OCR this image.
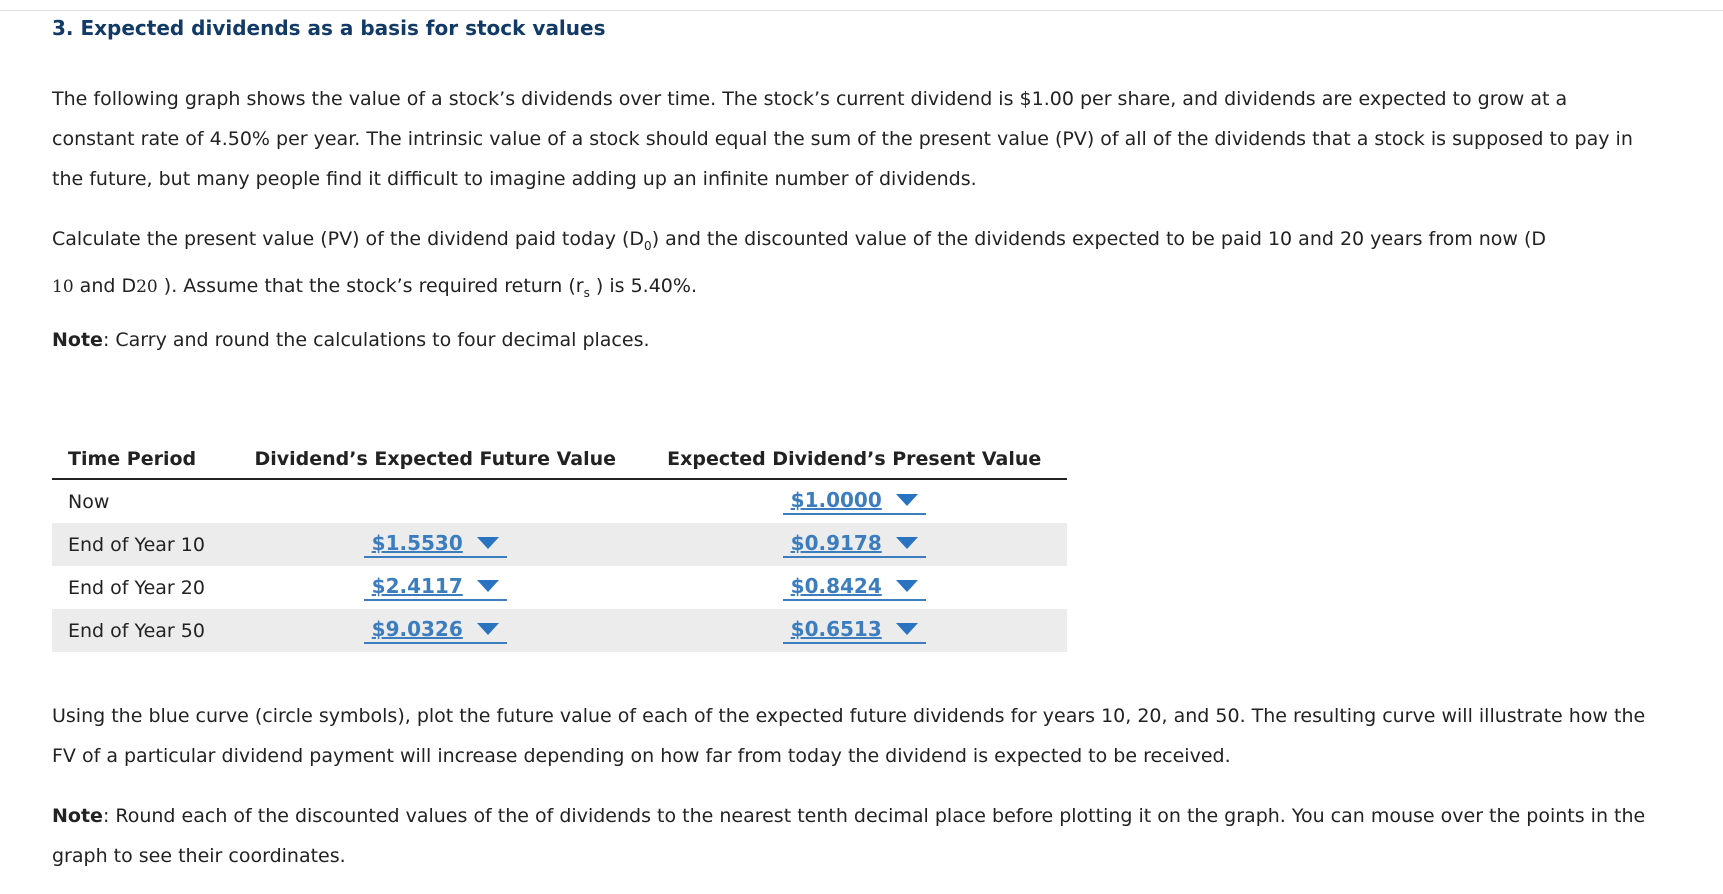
3. Expected dividends as a basis for stock values

The following graph shows the value of a stock’s dividends over time. The stock’s current dividend is $1.00 per share, and dividends are expected to grow at a constant rate of 4.50% per year. The intrinsic value of a stock should equal the sum of the present value (PV) of all of the dividends that a stock is supposed to pay in the future, but many people find it difficult to imagine adding up an infinite number of dividends.

Calculate the present value (PV) of the dividend paid today $(D_0)$ and the discounted value of the dividends expected to be paid 10 and 20 years from now (D
10 and D20 ). Assume that the stock’s required return ($r_s$ ) is 5.40%.

Note: Carry and round the calculations to four decimal places.

Time Period	Dividend’s Expected Future Value	Expected Dividend’s Present Value
Now		$1.0000

End of Year 10	$1.5530	$0.9178

End of Year 20	$2.4117	$0.8424

End of Year 50	$9.0326	$0.6513

Using the blue curve (circle symbols), plot the future value of each of the expected future dividends for years 10, 20, and 50. The resulting curve will illustrate how the FV of a particular dividend payment will increase depending on how far from today the dividend is expected to be received.

Note: Round each of the discounted values of the of dividends to the nearest tenth decimal place before plotting it on the graph. You can mouse over the points in the graph to see their coordinates.
